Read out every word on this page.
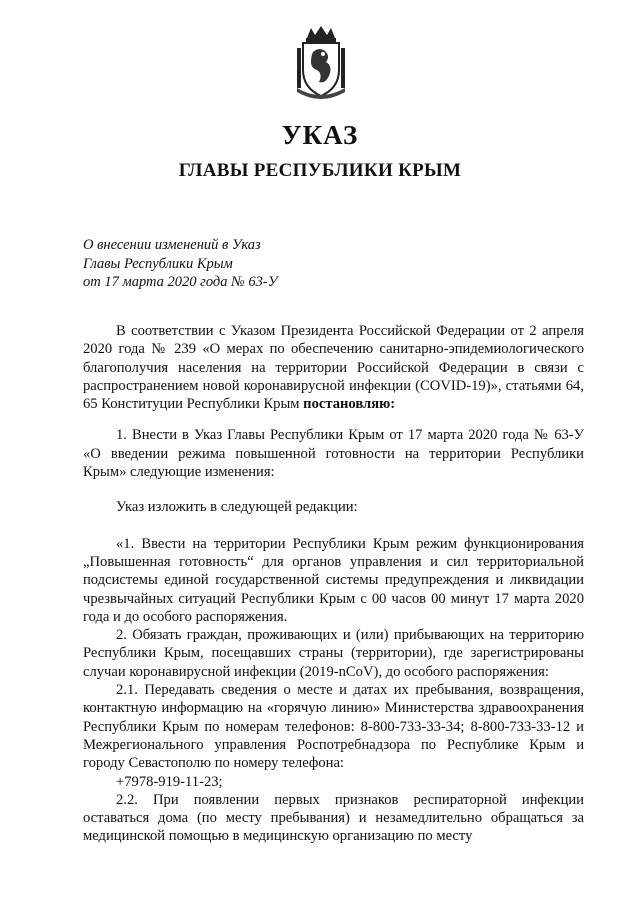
УКАЗ
ГЛАВЫ РЕСПУБЛИКИ КРЫМ
О внесении изменений в Указ
Главы Республики Крым
от 17 марта 2020 года № 63-У

В соответствии с Указом Президента Российской Федерации от 2 апреля 2020 года № 239 «О мерах по обеспечению санитарно-эпидемиологического благополучия населения на территории Российской Федерации в связи с распространением новой коронавирусной инфекции (COVID-19)», статьями 64, 65 Конституции Республики Крым постановляю:

1. Внести в Указ Главы Республики Крым от 17 марта 2020 года № 63-У «О введении режима повышенной готовности на территории Республики Крым» следующие изменения:

Указ изложить в следующей редакции:

«1. Ввести на территории Республики Крым режим функционирования „Повышенная готовность“ для органов управления и сил территориальной подсистемы единой государственной системы предупреждения и ликвидации чрезвычайных ситуаций Республики Крым с 00 часов 00 минут 17 марта 2020 года и до особого распоряжения.

2. Обязать граждан, проживающих и (или) прибывающих на территорию Республики Крым, посещавших страны (территории), где зарегистрированы случаи коронавирусной инфекции (2019-nCoV), до особого распоряжения:

2.1. Передавать сведения о месте и датах их пребывания, возвращения, контактную информацию на «горячую линию» Министерства здравоохранения Республики Крым по номерам телефонов: 8-800-733-33-34; 8-800-733-33-12 и Межрегионального управления Роспотребнадзора по Республике Крым и городу Севастополю по номеру телефона:

+7978-919-11-23;

2.2. При появлении первых признаков респираторной инфекции оставаться дома (по месту пребывания) и незамедлительно обращаться за медицинской помощью в медицинскую организацию по месту
